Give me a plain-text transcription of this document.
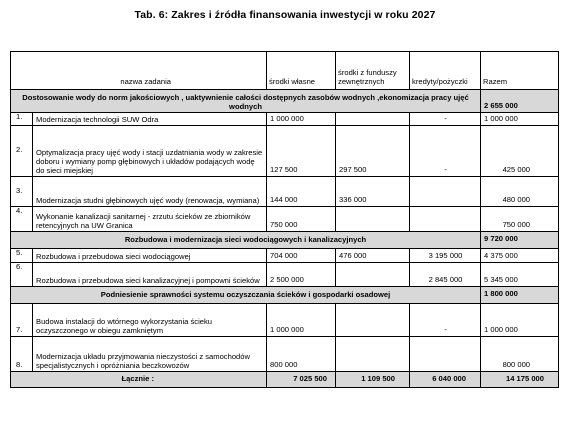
Tab. 6: Zakres i źródła finansowania inwestycji w roku 2027
nazwa zadania		środki własne	środki z funduszy zewnętrznych	kredyty/pożyczki	Razem
Dostosowanie wody do norm jakościowych , uaktywnienie całości dostępnych zasobów wodnych ,ekonomizacja pracy ujęć wodnych					2 655 000
1.	Modernizacja technologii SUW Odra	1 000 000		-	1 000 000
2.	Optymalizacja pracy ujęć wody i stacji uzdatniania wody w zakresie doboru i wymiany pomp głębinowych i układów podających wodę do sieci miejskiej	127 500	297 500	-	425 000
3.	Modernizacja studni głębinowych ujęć wody (renowacja, wymiana)	144 000	336 000		480 000
4.	Wykonanie kanalizacji sanitarnej - zrzutu ścieków ze zbiorników retencyjnych na UW Granica	750 000			750 000
Rozbudowa i modernizacja sieci wodociągowych i kanalizacyjnych					9 720 000
5.	Rozbudowa i przebudowa sieci wodociągowej	704 000	476 000	3 195 000	4 375 000
6.	Rozbudowa i przebudowa sieci kanalizacyjnej i pompowni ścieków	2 500 000		2 845 000	5 345 000
Podniesienie sprawności systemu oczyszczania ścieków i gospodarki osadowej					1 800 000
7.	Budowa instalacji do wtórnego wykorzystania ścieku oczyszczonego w obiegu zamkniętym	1 000 000		-	1 000 000
8.	Modernizacja układu przyjmowania nieczystości z samochodów specjalistycznych i opróżniania beczkowozów	800 000			800 000
Łącznie :		7 025 500	1 109 500	6 040 000	14 175 000
